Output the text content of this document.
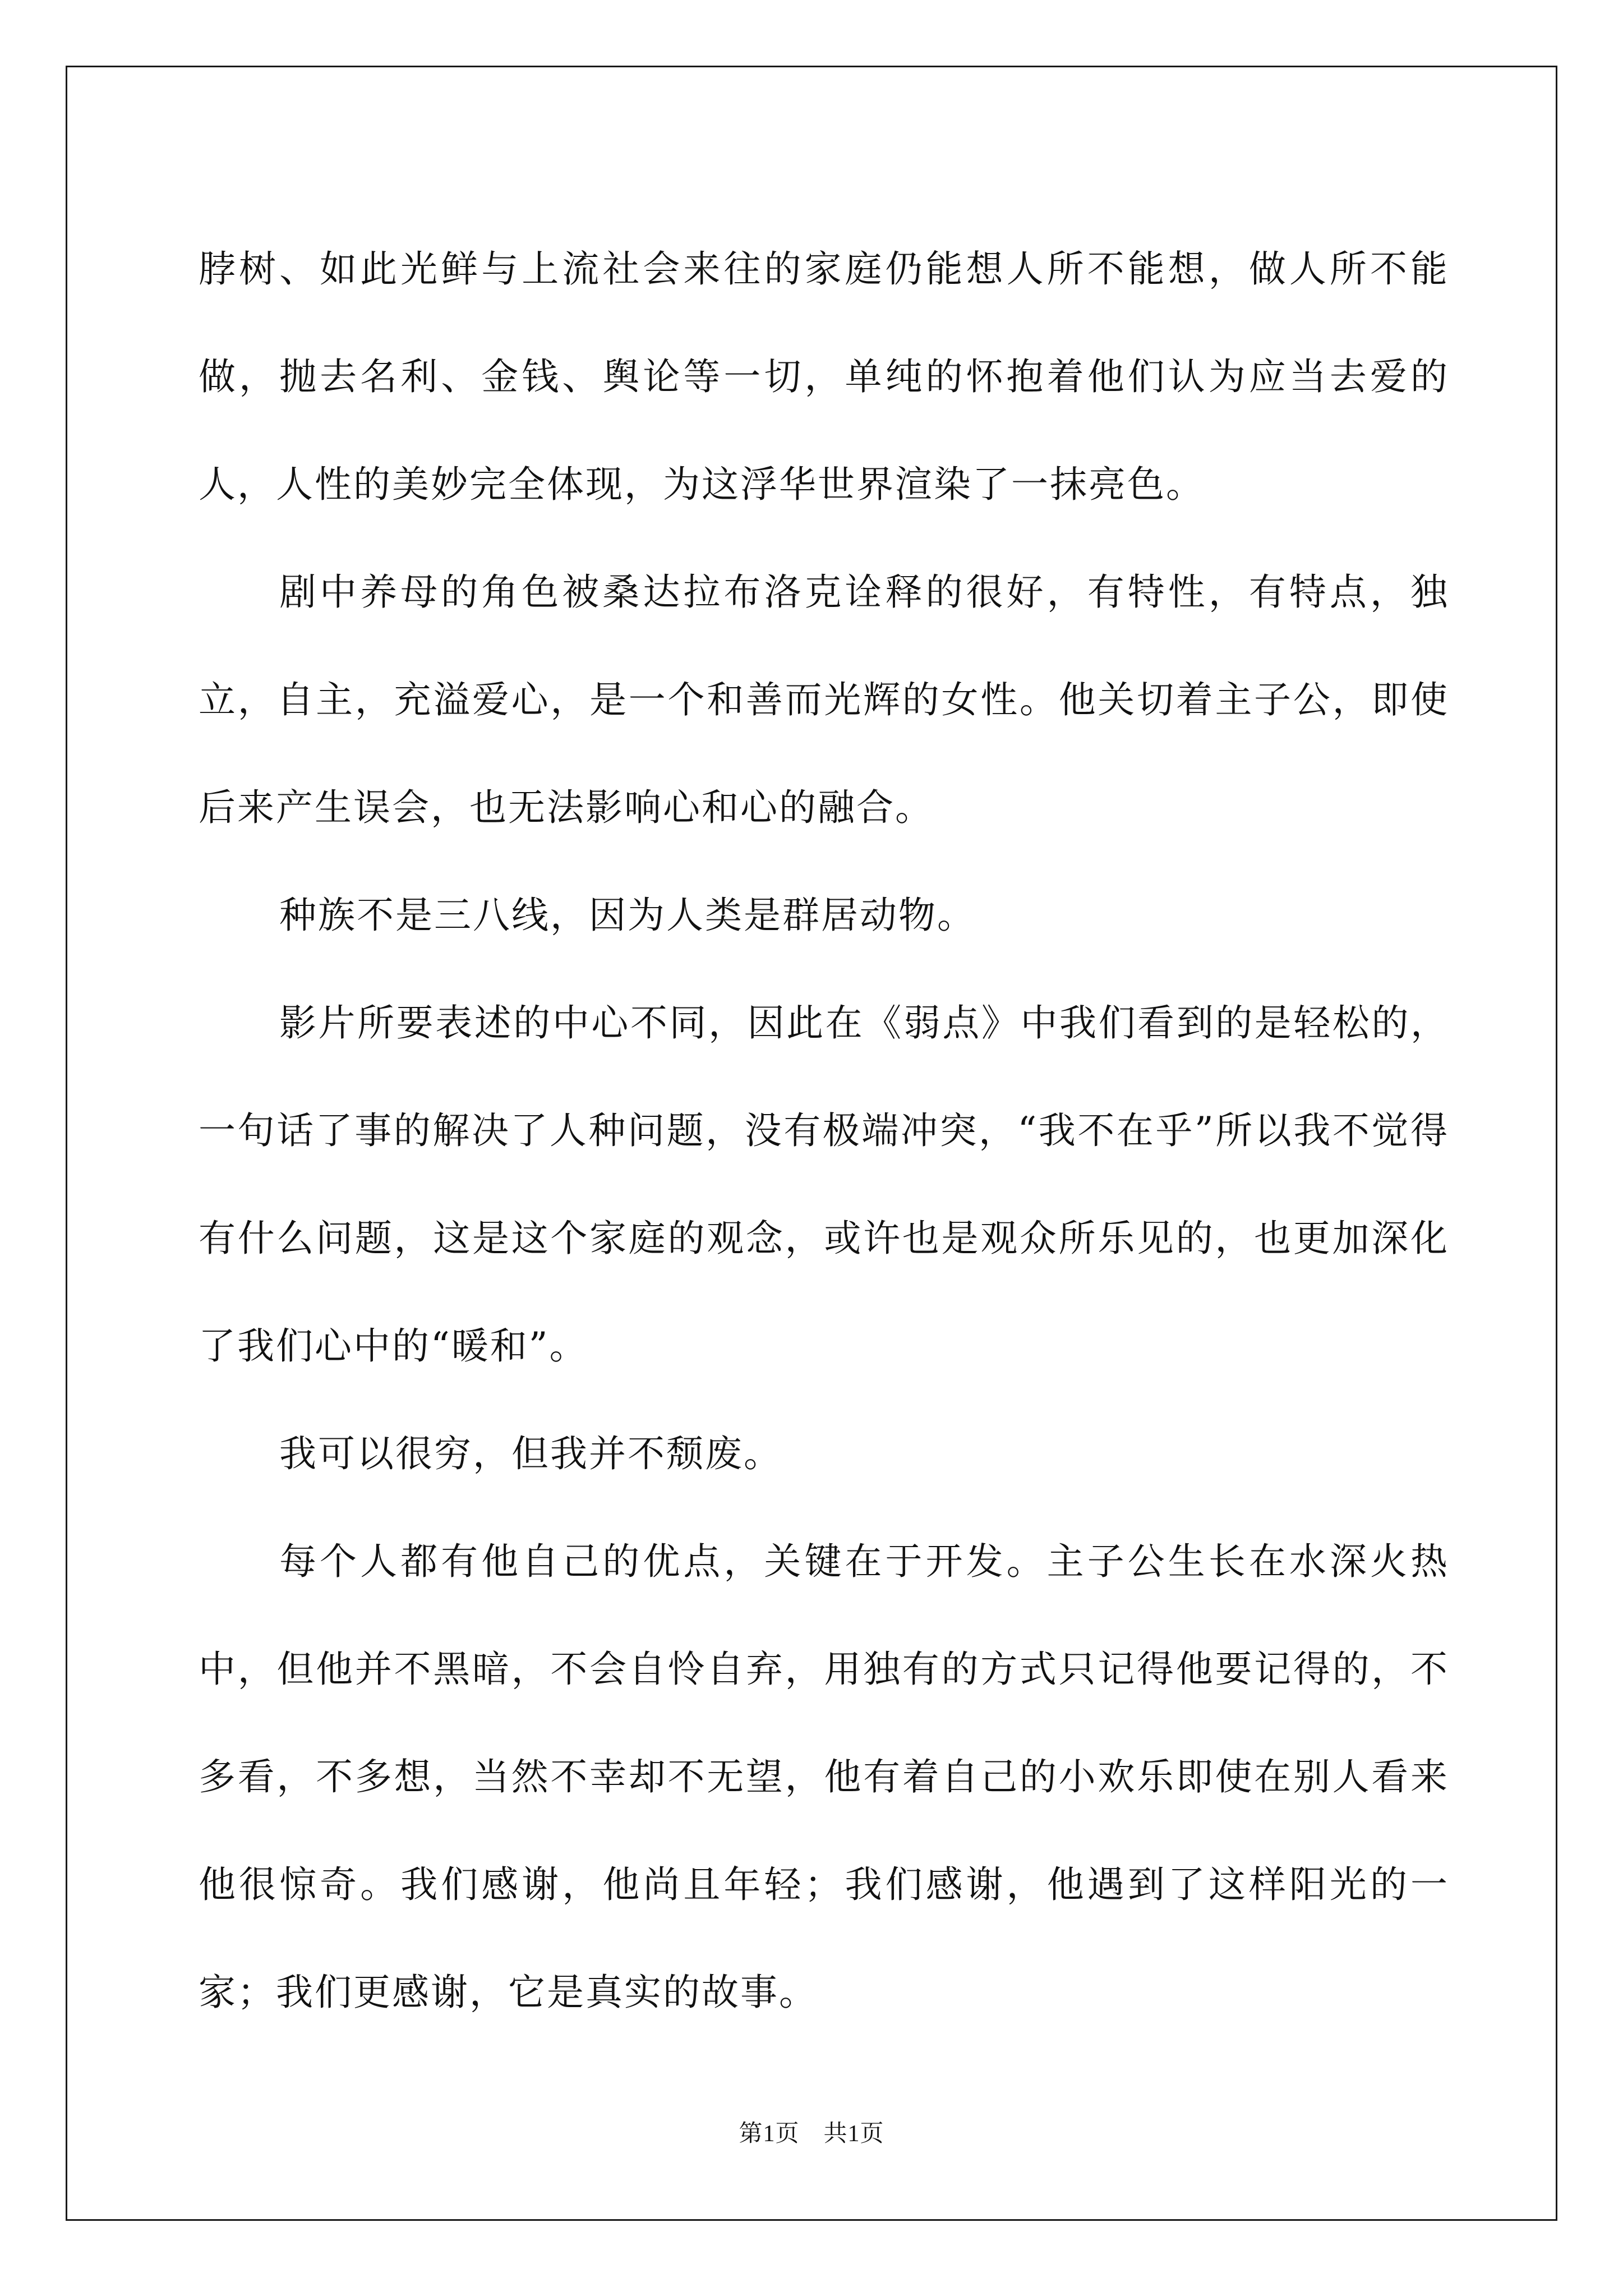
脖树、如此光鲜与上流社会来往的家庭仍能想人所不能想，做人所不能做，抛去名利、金钱、舆论等一切，单纯的怀抱着他们认为应当去爱的人，人性的美妙完全体现，为这浮华世界渲染了一抹亮色。

剧中养母的角色被桑达拉布洛克诠释的很好，有特性，有特点，独立，自主，充溢爱心，是一个和善而光辉的女性。他关切着主子公，即使后来产生误会，也无法影响心和心的融合。

种族不是三八线，因为人类是群居动物。

影片所要表述的中心不同，因此在《弱点》中我们看到的是轻松的，一句话了事的解决了人种问题，没有极端冲突，“我不在乎”所以我不觉得有什么问题，这是这个家庭的观念，或许也是观众所乐见的，也更加深化了我们心中的“暖和”。

我可以很穷，但我并不颓废。

每个人都有他自己的优点，关键在于开发。主子公生长在水深火热中，但他并不黑暗，不会自怜自弃，用独有的方式只记得他要记得的，不多看，不多想，当然不幸却不无望，他有着自己的小欢乐即使在别人看来他很惊奇。我们感谢，他尚且年轻；我们感谢，他遇到了这样阳光的一家；我们更感谢，它是真实的故事。

第1页　共1页
